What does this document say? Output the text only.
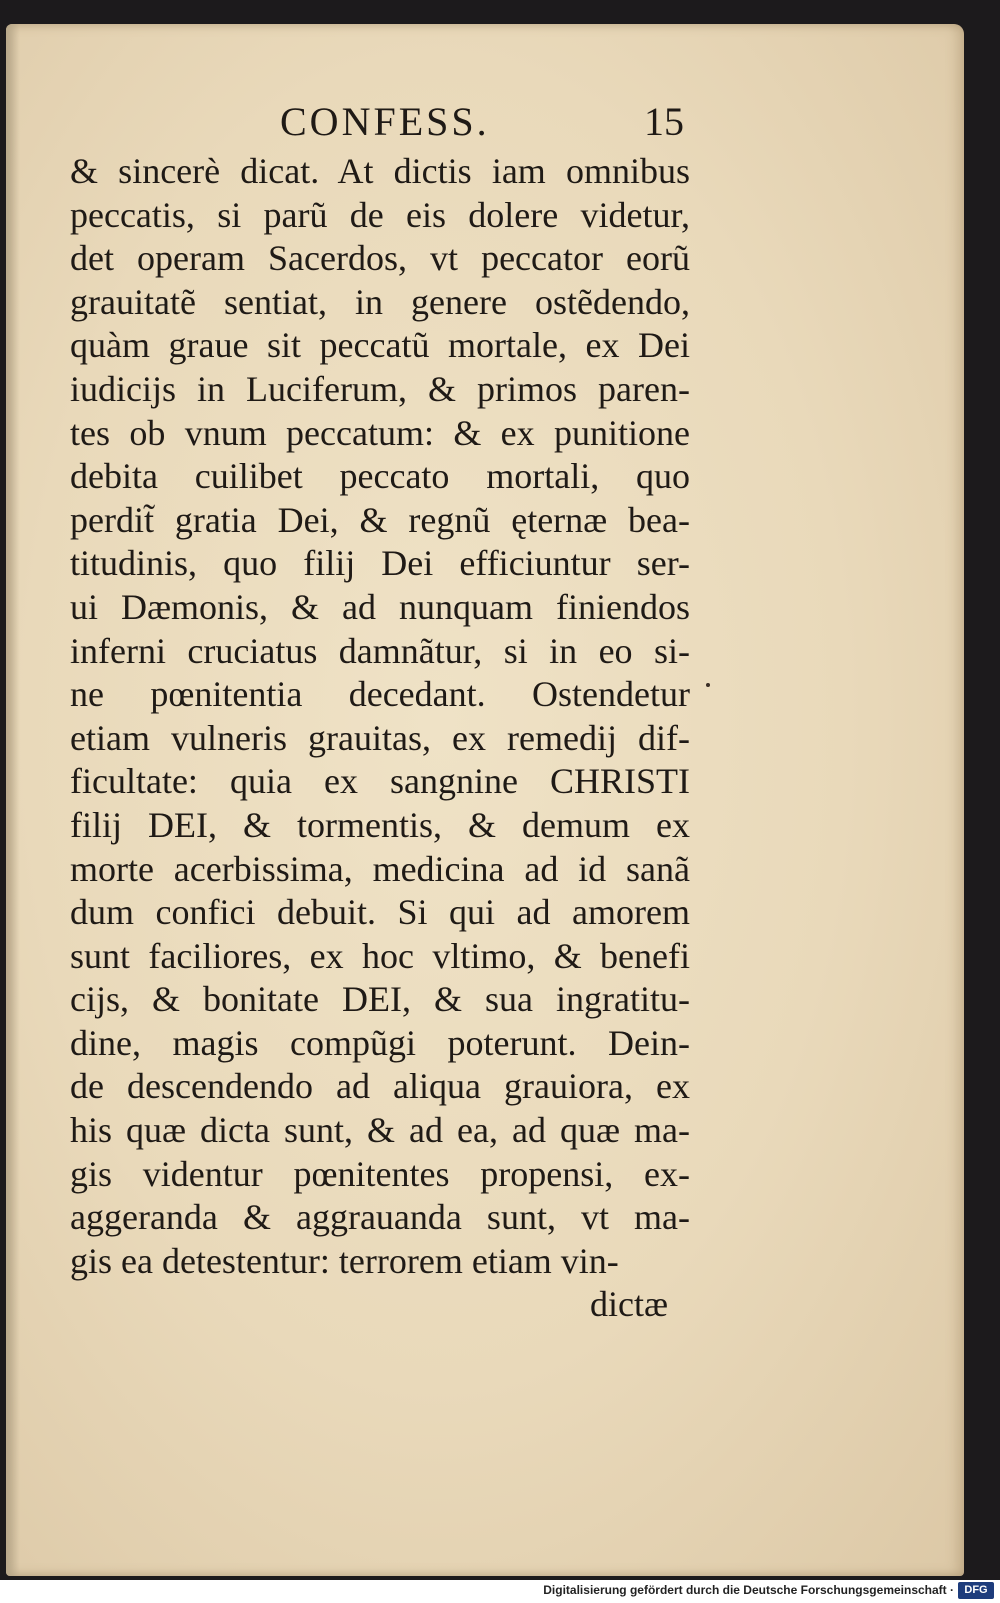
CONFESS.	15
& sincerè dicat. At dictis iam omnibus
peccatis, si parũ de eis dolere videtur,
det operam Sacerdos, vt peccator eorũ
grauitatẽ sentiat, in genere ostẽdendo,
quàm graue sit peccatũ mortale, ex Dei
iudicijs in Luciferum, & primos paren-
tes ob vnum peccatum: & ex punitione
debita cuilibet peccato mortali, quo
perdit̃ gratia Dei, & regnũ ęternæ bea-
titudinis, quo filij Dei efficiuntur ser-
ui Dæmonis, & ad nunquam finiendos
inferni cruciatus damnãtur, si in eo si-
ne pœnitentia decedant. Ostendetur
etiam vulneris grauitas, ex remedij dif-
ficultate: quia ex sangnine CHRISTI
filij DEI, & tormentis, & demum ex
morte acerbissima, medicina ad id sanã
dum confici debuit. Si qui ad amorem
sunt faciliores, ex hoc vltimo, & benefi
cijs, & bonitate DEI, & sua ingratitu-
dine, magis compũgi poterunt. Dein-
de descendendo ad aliqua grauiora, ex
his quæ dicta sunt, & ad ea, ad quæ ma-
gis videntur pœnitentes propensi, ex-
aggeranda & aggrauanda sunt, vt ma-
gis ea detestentur: terrorem etiam vin-
dictæ
Digitalisierung gefördert durch die Deutsche Forschungsgemeinschaft · DFG
